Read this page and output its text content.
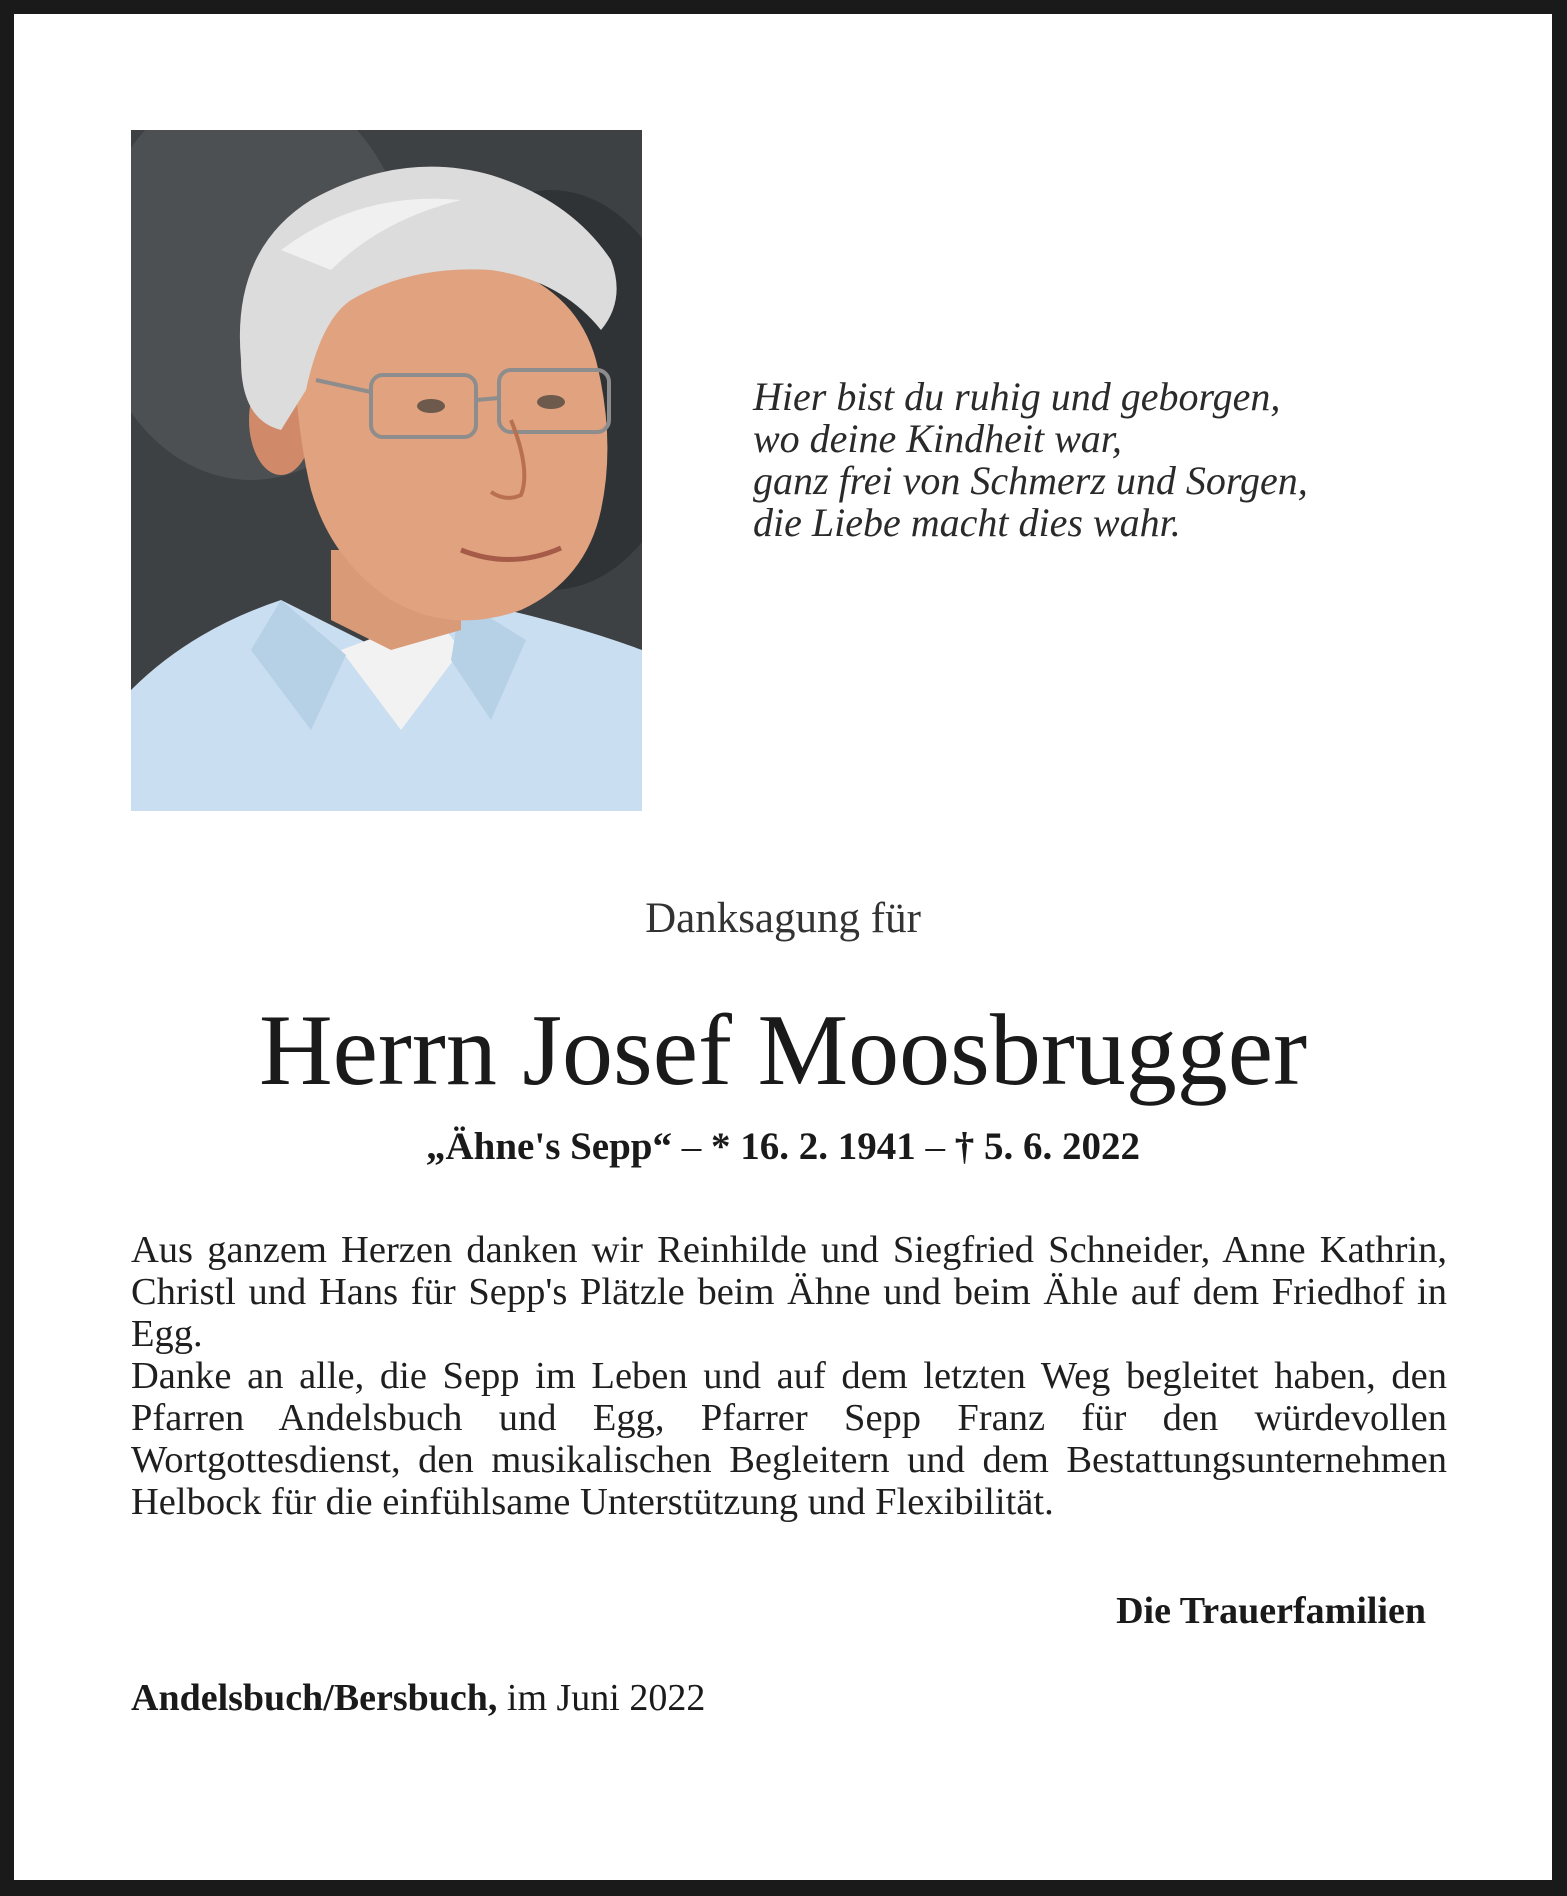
Hier bist du ruhig und geborgen,
wo deine Kindheit war,
ganz frei von Schmerz und Sorgen,
die Liebe macht dies wahr.
Danksagung für
Herrn Josef Moosbrugger
„Ähne's Sepp“ – * 16. 2. 1941 – † 5. 6. 2022

Aus ganzem Herzen danken wir Reinhilde und Siegfried Schneider, Anne Kathrin, Christl und Hans für Sepp's Plätzle beim Ähne und beim Ähle auf dem Friedhof in Egg.

Danke an alle, die Sepp im Leben und auf dem letzten Weg begleitet haben, den Pfarren Andelsbuch und Egg, Pfarrer Sepp Franz für den würdevollen Wortgottesdienst, den musikalischen Begleitern und dem Bestattungsunternehmen Helbock für die einfühlsame Unterstützung und Flexibilität.

Die Trauerfamilien
Andelsbuch/Bersbuch, im Juni 2022
